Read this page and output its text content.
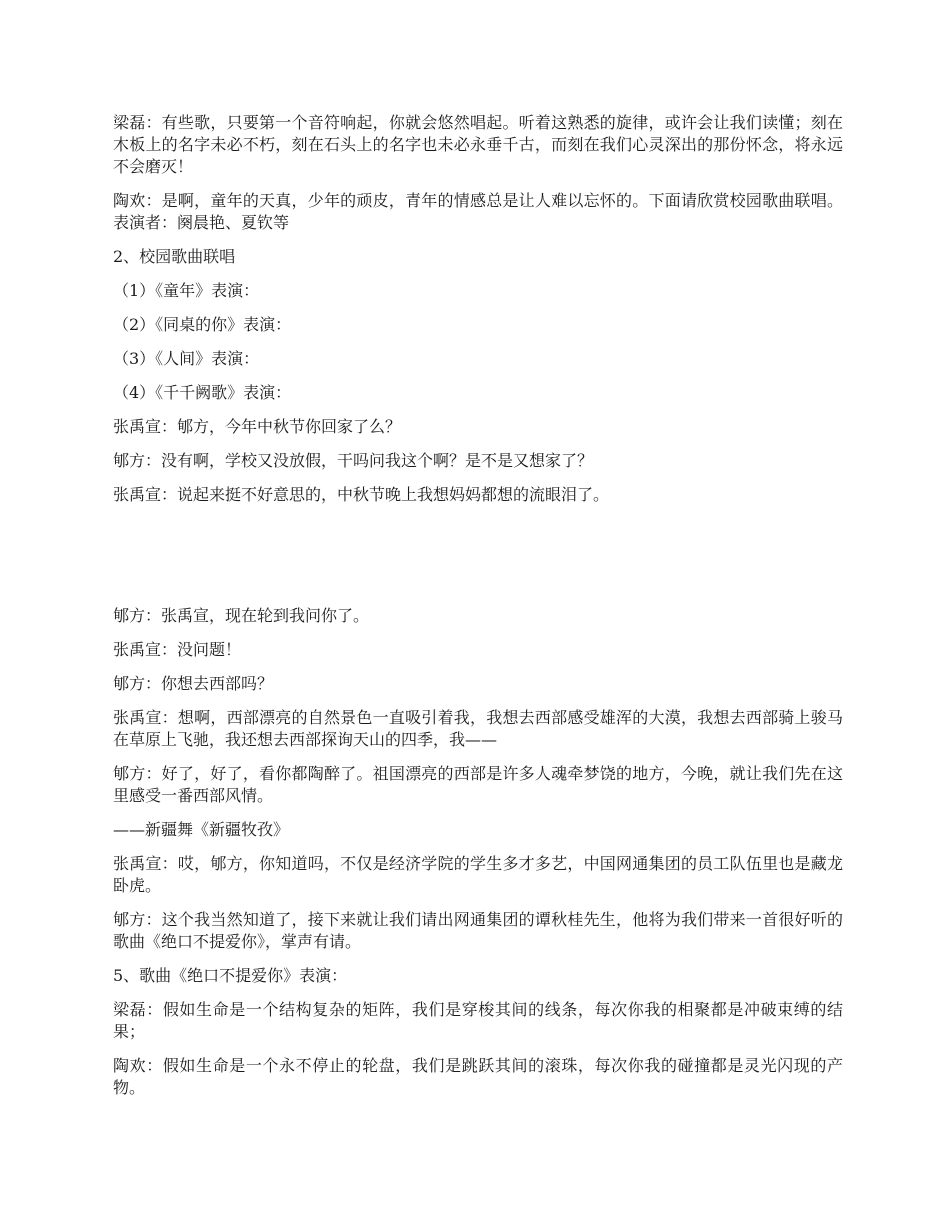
梁磊：有些歌，只要第一个音符响起，你就会悠然唱起。听着这熟悉的旋律，或许会让我们读懂；刻在木板上的名字未必不朽，刻在石头上的名字也未必永垂千古，而刻在我们心灵深出的那份怀念，将永远不会磨灭！

陶欢：是啊，童年的天真，少年的顽皮，青年的情感总是让人难以忘怀的。下面请欣赏校园歌曲联唱。表演者：阕晨艳、夏钦等

2、校园歌曲联唱

（1）《童年》表演：

（2）《同桌的你》表演：

（3）《人间》表演：

（4）《千千阙歌》表演：

张禹宣：郇方，今年中秋节你回家了么？

郇方：没有啊，学校又没放假，干吗问我这个啊？是不是又想家了？

张禹宣：说起来挺不好意思的，中秋节晚上我想妈妈都想的流眼泪了。

郇方：张禹宣，现在轮到我问你了。

张禹宣：没问题！

郇方：你想去西部吗？

张禹宣：想啊，西部漂亮的自然景色一直吸引着我，我想去西部感受雄浑的大漠，我想去西部骑上骏马在草原上飞驰，我还想去西部探询天山的四季，我——

郇方：好了，好了，看你都陶醉了。祖国漂亮的西部是许多人魂牵梦饶的地方，今晚，就让我们先在这里感受一番西部风情。

——新疆舞《新疆牧孜》

张禹宣：哎，郇方，你知道吗，不仅是经济学院的学生多才多艺，中国网通集团的员工队伍里也是藏龙卧虎。

郇方：这个我当然知道了，接下来就让我们请出网通集团的谭秋桂先生，他将为我们带来一首很好听的歌曲《绝口不提爱你》，掌声有请。

5、歌曲《绝口不提爱你》表演：

梁磊：假如生命是一个结构复杂的矩阵，我们是穿梭其间的线条，每次你我的相聚都是冲破束缚的结果；

陶欢：假如生命是一个永不停止的轮盘，我们是跳跃其间的滚珠，每次你我的碰撞都是灵光闪现的产物。
